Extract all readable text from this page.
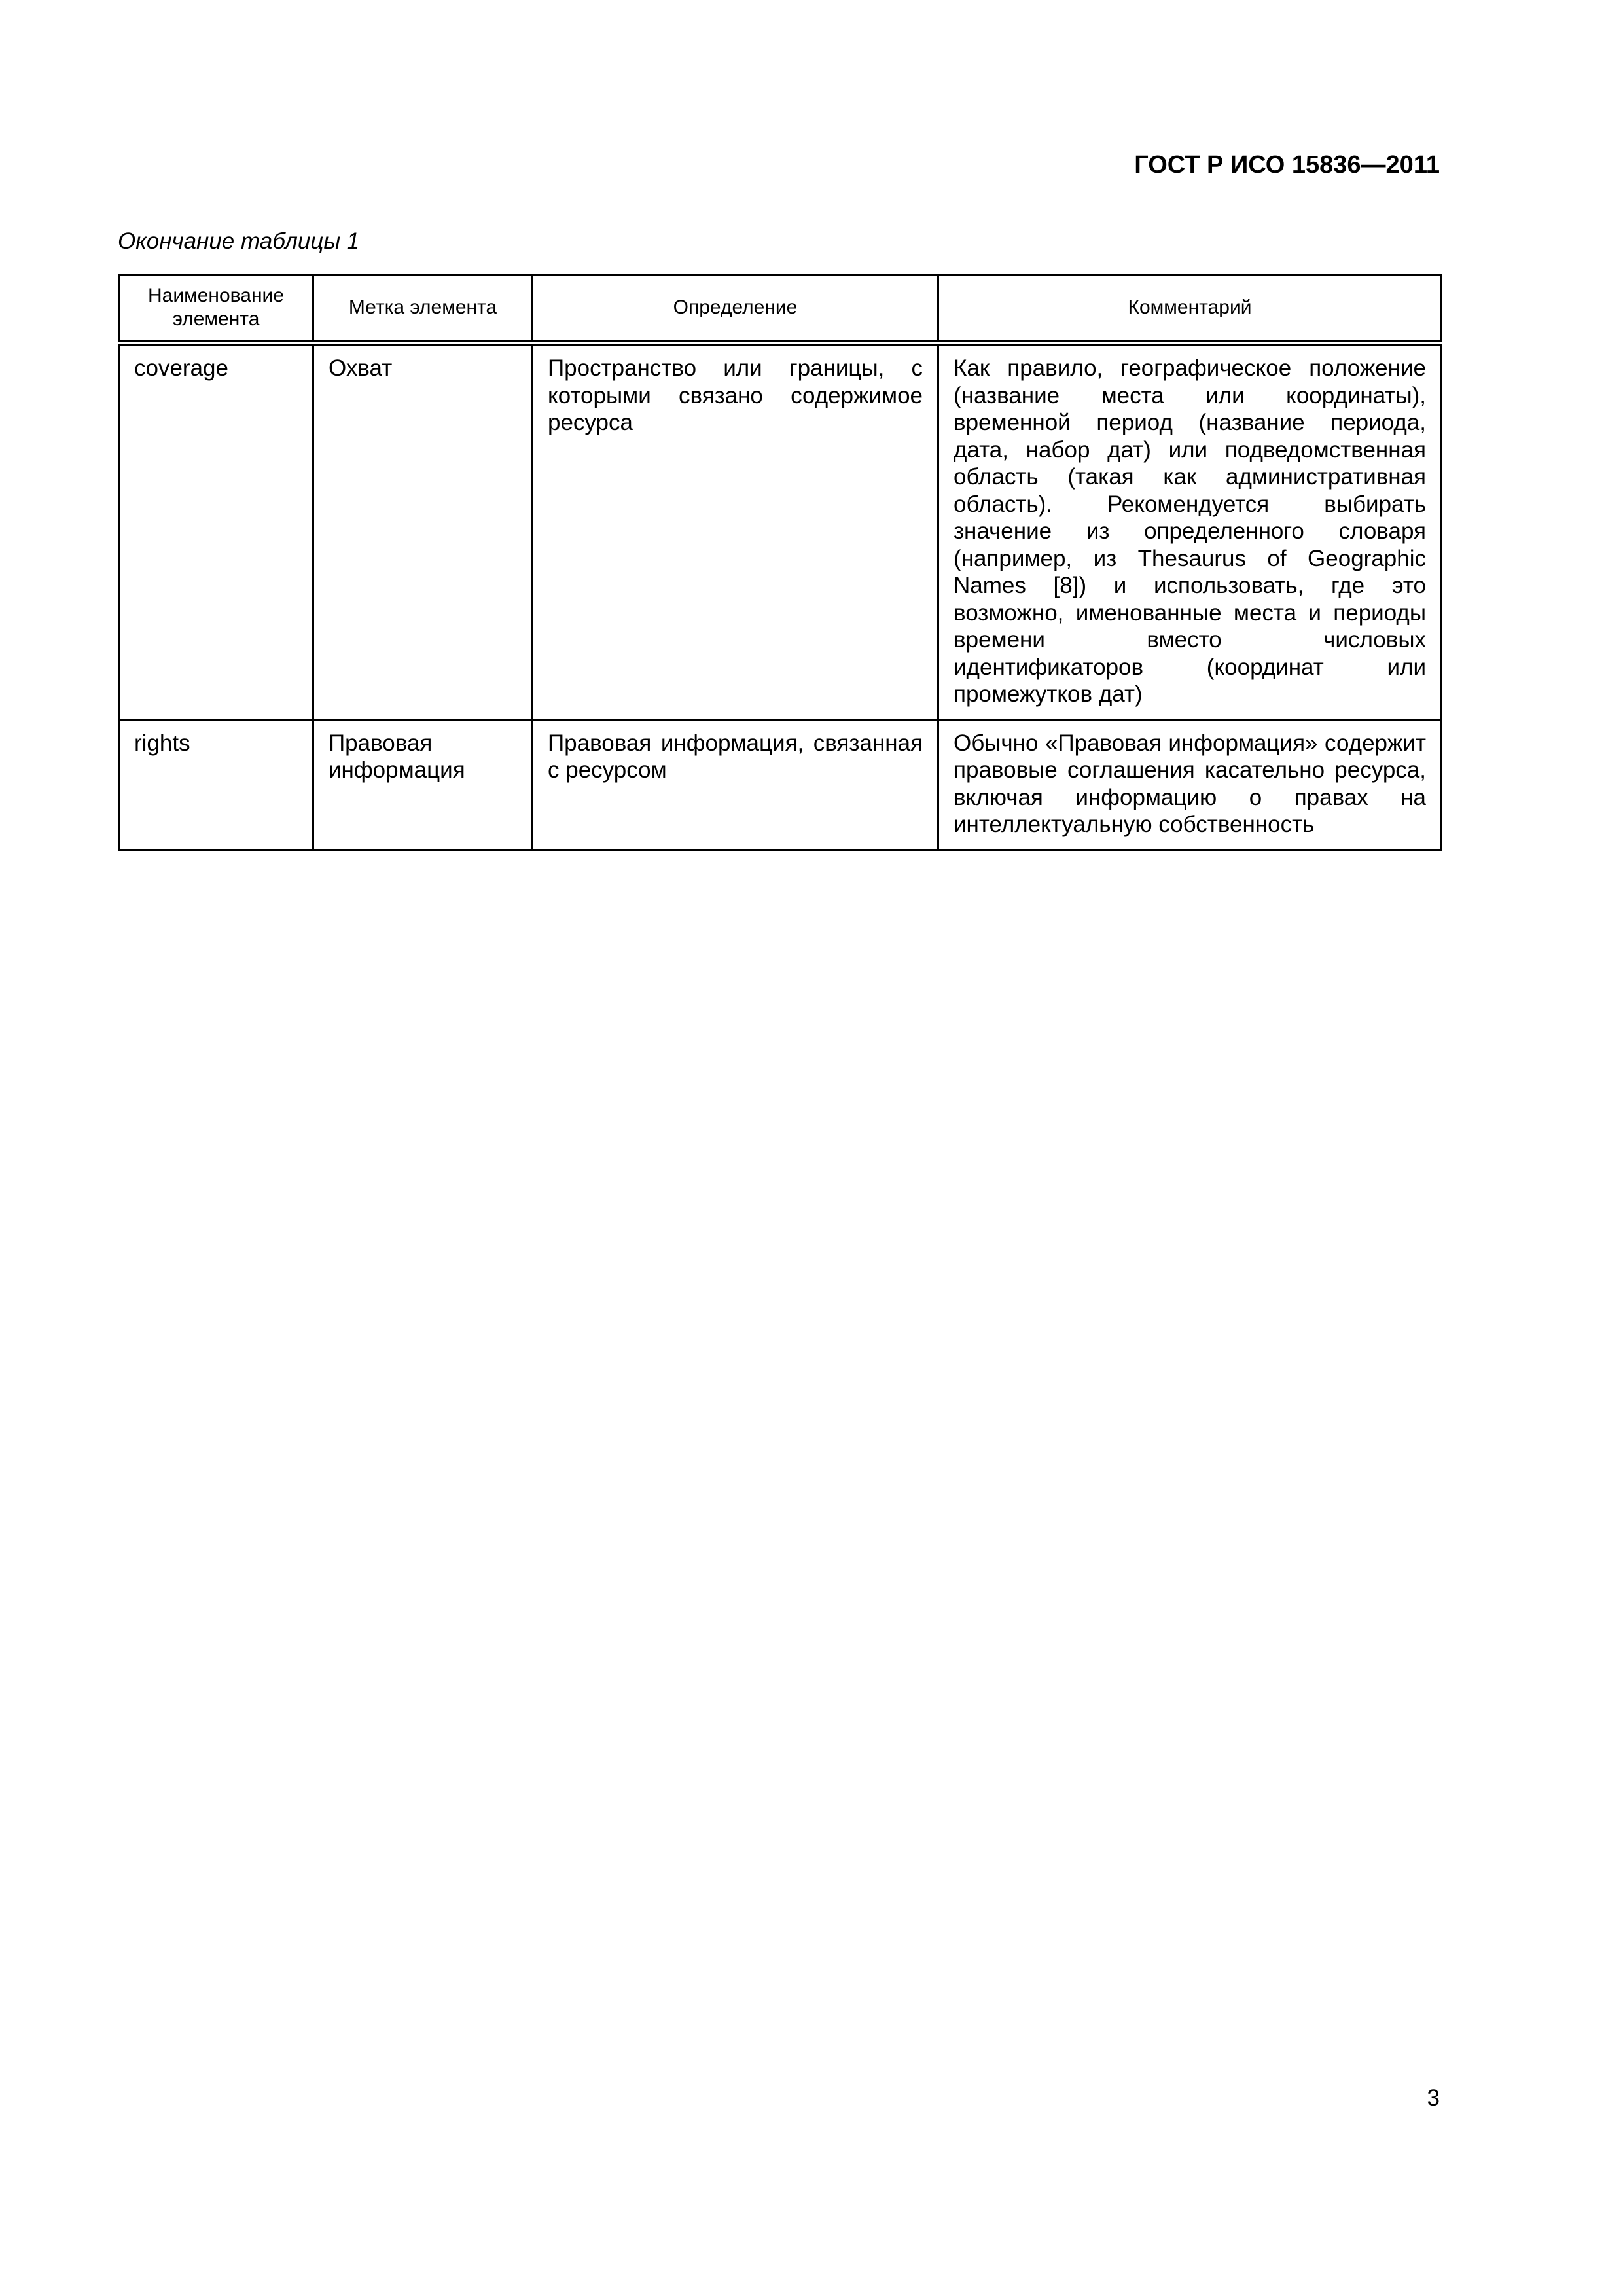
ГОСТ Р ИСО 15836—2011

Окончание таблицы 1

Наименование элемента	Метка элемента	Определение	Комментарий
coverage	Охват	Пространство или границы, с которыми связано содержимое ресурса	Как правило, географическое положение (название места или координаты), временной период (название периода, дата, набор дат) или подведомственная область (такая как административная область). Рекомендуется выбирать значение из определенного словаря (например, из Thesaurus of Geographic Names [8]) и использовать, где это возможно, именованные места и периоды времени вместо числовых идентификаторов (координат или промежутков дат)
rights	Правовая информация	Правовая информация, связанная с ресурсом	Обычно «Правовая информация» содержит правовые соглашения касательно ресурса, включая информацию о правах на интеллектуальную собственность

3
